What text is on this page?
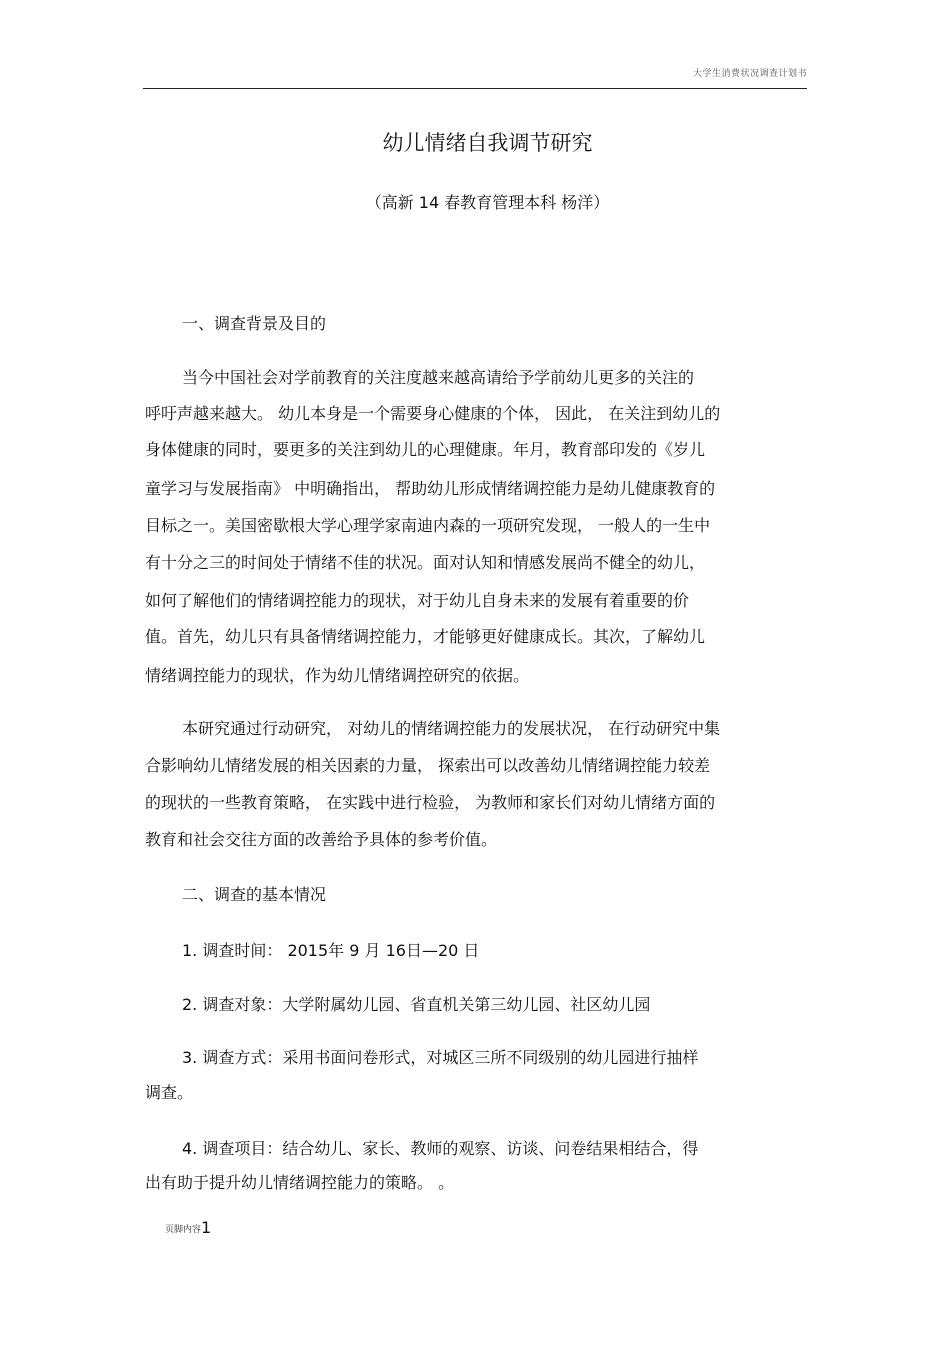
大学生消费状况调查计划书
幼儿情绪自我调节研究
（高新 14 春教育管理本科 杨洋）
一、调查背景及目的
当今中国社会对学前教育的关注度越来越高请给予学前幼儿更多的关注的
呼吁声越来越大。 幼儿本身是一个需要身心健康的个体， 因此， 在关注到幼儿的
身体健康的同时，要更多的关注到幼儿的心理健康。年月，教育部印发的《岁儿
童学习与发展指南》 中明确指出， 帮助幼儿形成情绪调控能力是幼儿健康教育的
目标之一。美国密歇根大学心理学家南迪内森的一项研究发现， 一般人的一生中
有十分之三的时间处于情绪不佳的状况。面对认知和情感发展尚不健全的幼儿，
如何了解他们的情绪调控能力的现状，对于幼儿自身未来的发展有着重要的价
值。首先，幼儿只有具备情绪调控能力，才能够更好健康成长。其次，了解幼儿
情绪调控能力的现状，作为幼儿情绪调控研究的依据。
本研究通过行动研究， 对幼儿的情绪调控能力的发展状况， 在行动研究中集
合影响幼儿情绪发展的相关因素的力量， 探索出可以改善幼儿情绪调控能力较差
的现状的一些教育策略， 在实践中进行检验， 为教师和家长们对幼儿情绪方面的
教育和社会交往方面的改善给予具体的参考价值。
二、调查的基本情况
1. 调查时间： 2015年 9 月 16日—20 日
2. 调查对象：大学附属幼儿园、省直机关第三幼儿园、社区幼儿园
3. 调查方式：采用书面问卷形式，对城区三所不同级别的幼儿园进行抽样
调查。
4. 调查项目：结合幼儿、家长、教师的观察、访谈、问卷结果相结合，得
出有助于提升幼儿情绪调控能力的策略。 。
页脚内容 1
